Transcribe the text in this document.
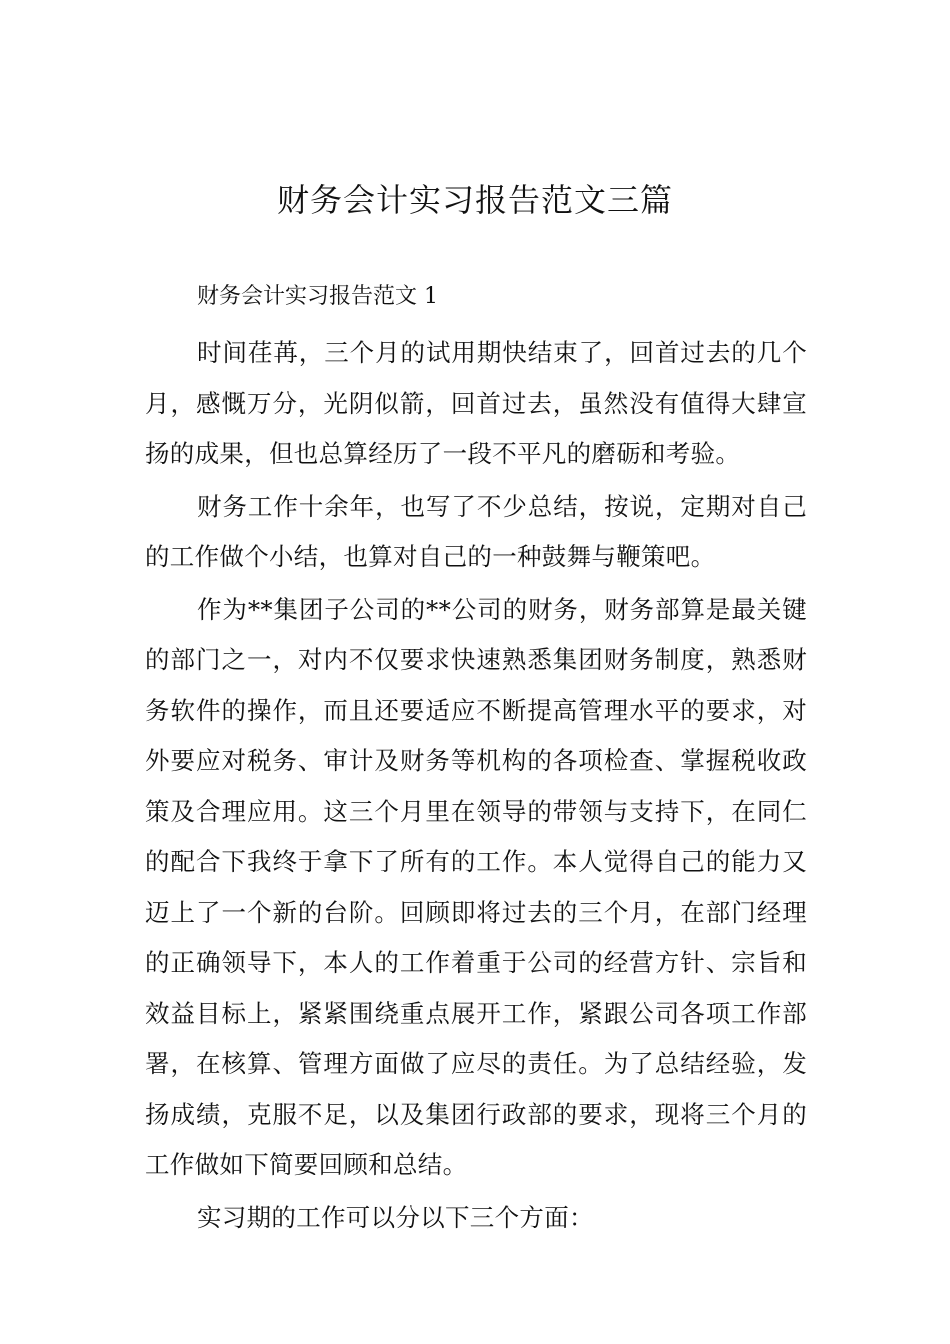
财务会计实习报告范文三篇

财务会计实习报告范文 1

时间荏苒，三个月的试用期快结束了，回首过去的几个月，感慨万分，光阴似箭，回首过去，虽然没有值得大肆宣扬的成果，但也总算经历了一段不平凡的磨砺和考验。

财务工作十余年，也写了不少总结，按说，定期对自己的工作做个小结，也算对自己的一种鼓舞与鞭策吧。

作为**集团子公司的**公司的财务，财务部算是最关键的部门之一，对内不仅要求快速熟悉集团财务制度，熟悉财务软件的操作，而且还要适应不断提高管理水平的要求，对外要应对税务、审计及财务等机构的各项检查、掌握税收政策及合理应用。这三个月里在领导的带领与支持下，在同仁的配合下我终于拿下了所有的工作。本人觉得自己的能力又迈上了一个新的台阶。回顾即将过去的三个月，在部门经理的正确领导下，本人的工作着重于公司的经营方针、宗旨和效益目标上，紧紧围绕重点展开工作，紧跟公司各项工作部署，在核算、管理方面做了应尽的责任。为了总结经验，发扬成绩，克服不足，以及集团行政部的要求，现将三个月的工作做如下简要回顾和总结。

实习期的工作可以分以下三个方面：
